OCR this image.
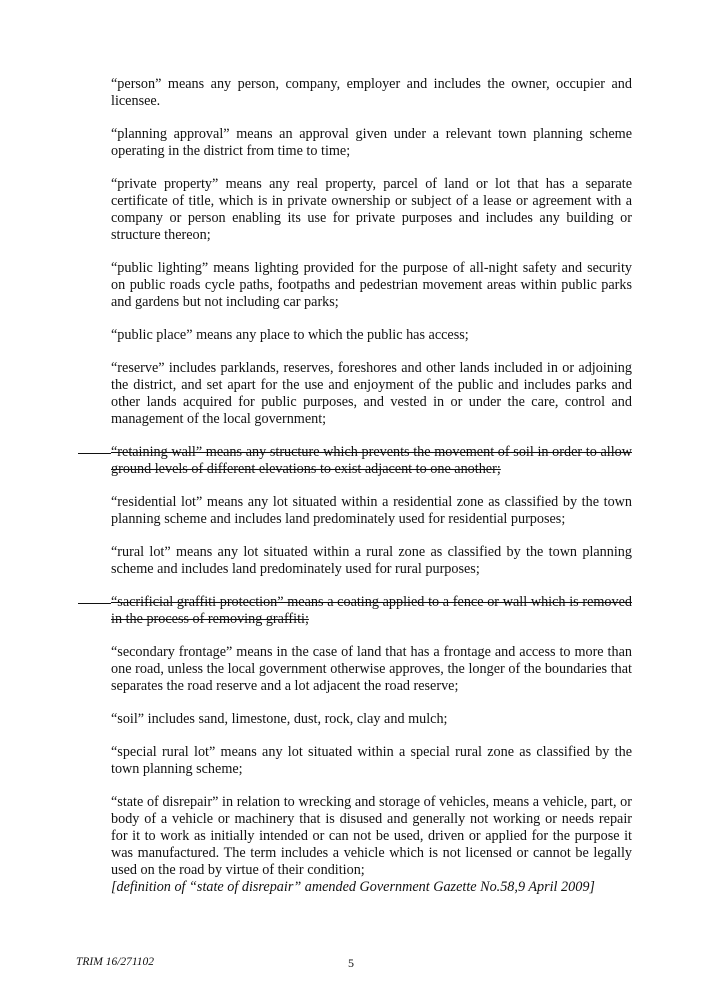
“person” means any person, company, employer and includes the owner, occupier and licensee.

“planning approval” means an approval given under a relevant town planning scheme operating in the district from time to time;

“private property” means any real property, parcel of land or lot that has a separate certificate of title, which is in private ownership or subject of a lease or agreement with a company or person enabling its use for private purposes and includes any building or structure thereon;

“public lighting” means lighting provided for the purpose of all-night safety and security on public roads cycle paths, footpaths and pedestrian movement areas within public parks and gardens but not including car parks;

“public place” means any place to which the public has access;

“reserve” includes parklands, reserves, foreshores and other lands included in or adjoining the district, and set apart for the use and enjoyment of the public and includes parks and other lands acquired for public purposes, and vested in or under the care, control and management of the local government;

“retaining wall” means any structure which prevents the movement of soil in order to allow ground levels of different elevations to exist adjacent to one another;

“residential lot” means any lot situated within a residential zone as classified by the town planning scheme and includes land predominately used for residential purposes;

“rural lot” means any lot situated within a rural zone as classified by the town planning scheme and includes land predominately used for rural purposes;

“sacrificial graffiti protection” means a coating applied to a fence or wall which is removed in the process of removing graffiti;

“secondary frontage” means in the case of land that has a frontage and access to more than one road, unless the local government otherwise approves, the longer of the boundaries that separates the road reserve and a lot adjacent the road reserve;

“soil” includes sand, limestone, dust, rock, clay and mulch;

“special rural lot” means any lot situated within a special rural zone as classified by the town planning scheme;

“state of disrepair” in relation to wrecking and storage of vehicles, means a vehicle, part, or body of a vehicle or machinery that is disused and generally not working or needs repair for it to work as initially intended or can not be used, driven or applied for the purpose it was manufactured. The term includes a vehicle which is not licensed or cannot be legally used on the road by virtue of their condition;
[definition of “state of disrepair” amended Government Gazette No.58,9 April 2009]

TRIM 16/271102	5
